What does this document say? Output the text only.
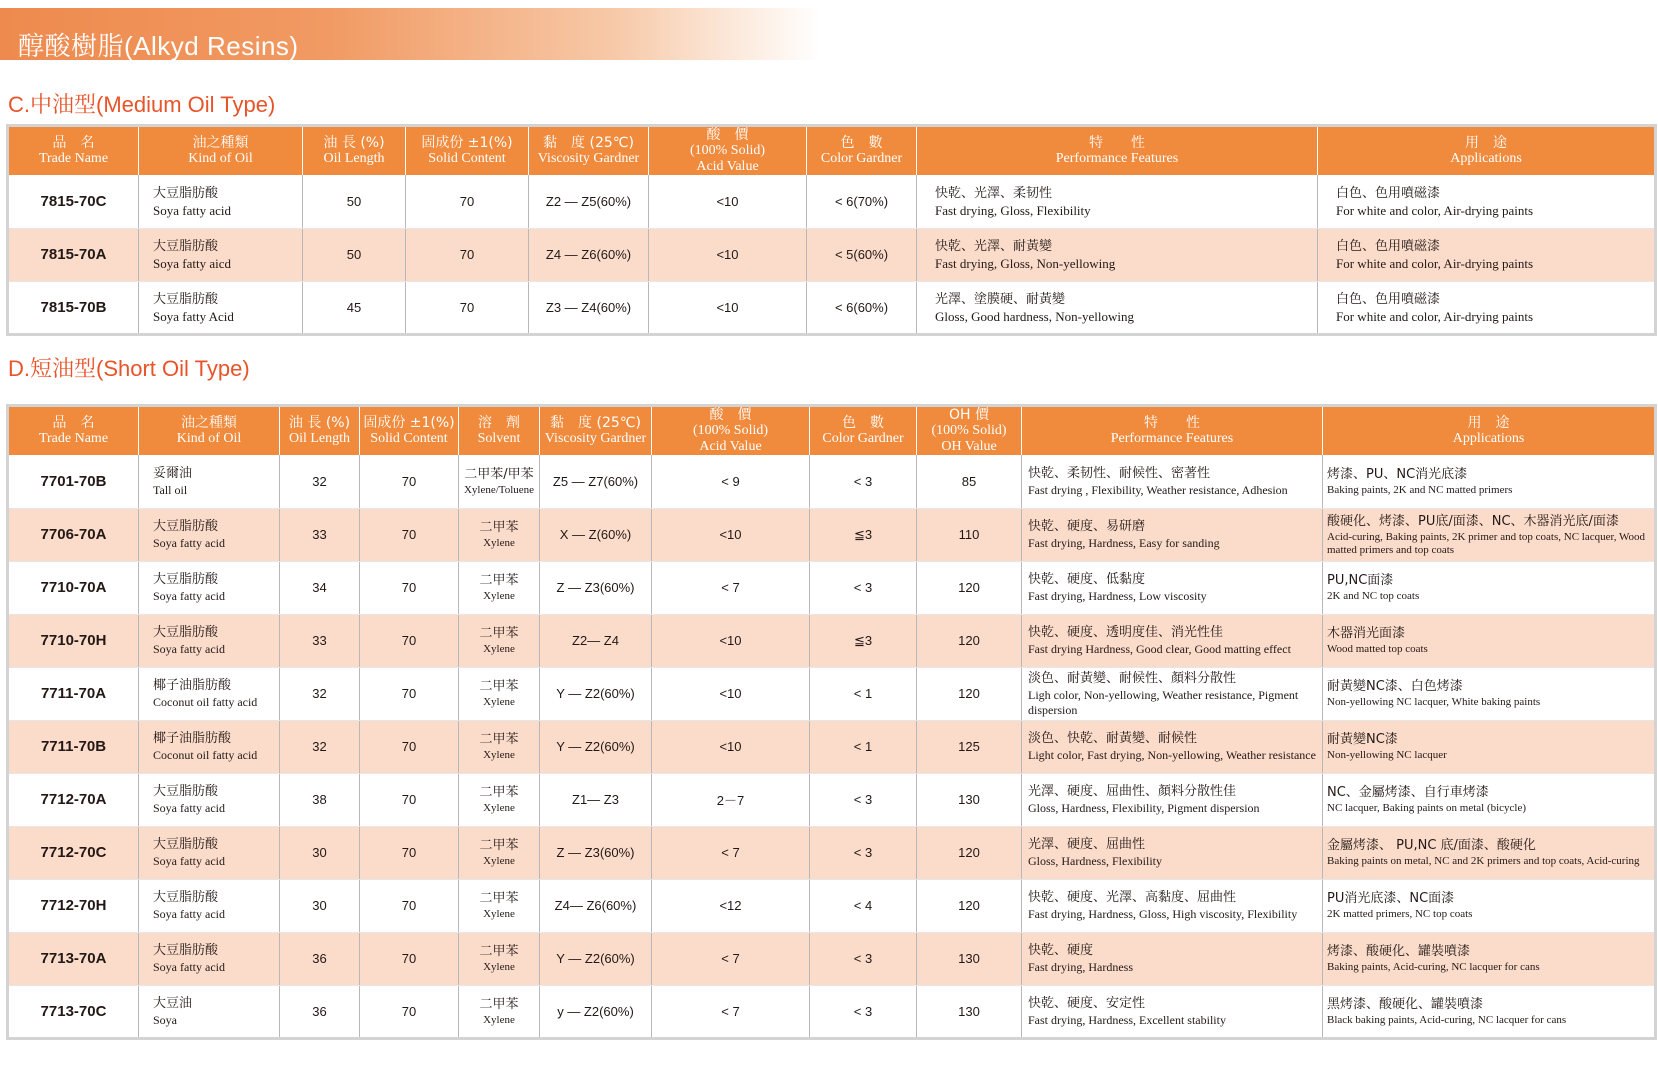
醇酸樹脂(Alkyd Resins)
C.中油型(Medium Oil Type)
品　名
Trade Name	油之種類
Kind of Oil	油 長 (%)
Oil Length	固成份 ±1(%)
Solid Content	黏　度 (25℃)
Viscosity Gardner	酸　價
(100% Solid)
Acid Value	色　數
Color Gardner	特　　性
Performance Features	用　途
Applications

7815-70C	大豆脂肪酸
Soya fatty acid	50	70	Z2 — Z5(60%)	<10	< 6(70%)	快乾、光澤、柔韧性
Fast drying, Gloss, Flexibility	白色、色用噴磁漆
For white and color, Air-drying paints

7815-70A	大豆脂肪酸
Soya fatty aicd	50	70	Z4 — Z6(60%)	<10	< 5(60%)	快乾、光澤、耐黃變
Fast drying, Gloss, Non-yellowing	白色、色用噴磁漆
For white and color, Air-drying paints

7815-70B	大豆脂肪酸
Soya fatty Acid	45	70	Z3 — Z4(60%)	<10	< 6(60%)	光澤、塗膜硬、耐黃變
Gloss, Good hardness, Non-yellowing	白色、色用噴磁漆
For white and color, Air-drying paints
D.短油型(Short Oil Type)
品　名
Trade Name	油之種類
Kind of Oil	油 長 (%)
Oil Length	固成份 ±1(%)
Solid Content	溶　劑
Solvent	黏　度 (25℃)
Viscosity Gardner	酸　價
(100% Solid)
Acid Value	色　數
Color Gardner	OH 價
(100% Solid)
OH Value	特　　性
Performance Features	用　途
Applications

7701-70B	妥爾油
Tall oil	32	70	二甲苯/甲苯
Xylene/Toluene	Z5 — Z7(60%)	< 9	< 3	85	快乾、柔韧性、耐候性、密著性
Fast drying , Flexibility, Weather resistance, Adhesion	烤漆、PU、NC消光底漆
Baking paints, 2K and NC matted primers

7706-70A	大豆脂肪酸
Soya fatty acid	33	70	二甲苯
Xylene	X — Z(60%)	<10	≦3	110	快乾、硬度、易研磨
Fast drying, Hardness, Easy for sanding	酸硬化、烤漆、PU底/面漆、NC、木器消光底/面漆
Acid-curing, Baking paints, 2K primer and top coats, NC lacquer, Wood matted primers and top coats

7710-70A	大豆脂肪酸
Soya fatty acid	34	70	二甲苯
Xylene	Z — Z3(60%)	< 7	< 3	120	快乾、硬度、低黏度
Fast drying, Hardness, Low viscosity	PU,NC面漆
2K and NC top coats

7710-70H	大豆脂肪酸
Soya fatty acid	33	70	二甲苯
Xylene	Z2— Z4	<10	≦3	120	快乾、硬度、透明度佳、消光性佳
Fast drying Hardness, Good clear, Good matting effect	木器消光面漆
Wood matted top coats

7711-70A	椰子油脂肪酸
Coconut oil fatty acid	32	70	二甲苯
Xylene	Y — Z2(60%)	<10	< 1	120	淡色、耐黃變、耐候性、顏料分散性
Ligh color, Non-yellowing, Weather resistance, Pigment dispersion	耐黃變NC漆、白色烤漆
Non-yellowing NC lacquer, White baking paints

7711-70B	椰子油脂肪酸
Coconut oil fatty acid	32	70	二甲苯
Xylene	Y — Z2(60%)	<10	< 1	125	淡色、快乾、耐黃變、耐候性
Light color, Fast drying, Non-yellowing, Weather resistance	耐黃變NC漆
Non-yellowing NC lacquer

7712-70A	大豆脂肪酸
Soya fatty acid	38	70	二甲苯
Xylene	Z1— Z3	2－7	< 3	130	光澤、硬度、屈曲性、顏料分散性佳
Gloss, Hardness, Flexibility, Pigment dispersion	NC、金屬烤漆、自行車烤漆
NC lacquer, Baking paints on metal (bicycle)

7712-70C	大豆脂肪酸
Soya fatty acid	30	70	二甲苯
Xylene	Z — Z3(60%)	< 7	< 3	120	光澤、硬度、屈曲性
Gloss, Hardness, Flexibility	金屬烤漆、 PU,NC 底/面漆、酸硬化
Baking paints on metal, NC and 2K primers and top coats, Acid-curing

7712-70H	大豆脂肪酸
Soya fatty acid	30	70	二甲苯
Xylene	Z4— Z6(60%)	<12	< 4	120	快乾、硬度、光澤、高黏度、屈曲性
Fast drying, Hardness, Gloss, High viscosity, Flexibility	PU消光底漆、NC面漆
2K matted primers, NC top coats

7713-70A	大豆脂肪酸
Soya fatty acid	36	70	二甲苯
Xylene	Y — Z2(60%)	< 7	< 3	130	快乾、硬度
Fast drying, Hardness	烤漆、酸硬化、罐裝噴漆
Baking paints, Acid-curing, NC lacquer for cans

7713-70C	大豆油
Soya	36	70	二甲苯
Xylene	y — Z2(60%)	< 7	< 3	130	快乾、硬度、安定性
Fast drying, Hardness, Excellent stability	黑烤漆、酸硬化、罐裝噴漆
Black baking paints, Acid-curing, NC lacquer for cans
